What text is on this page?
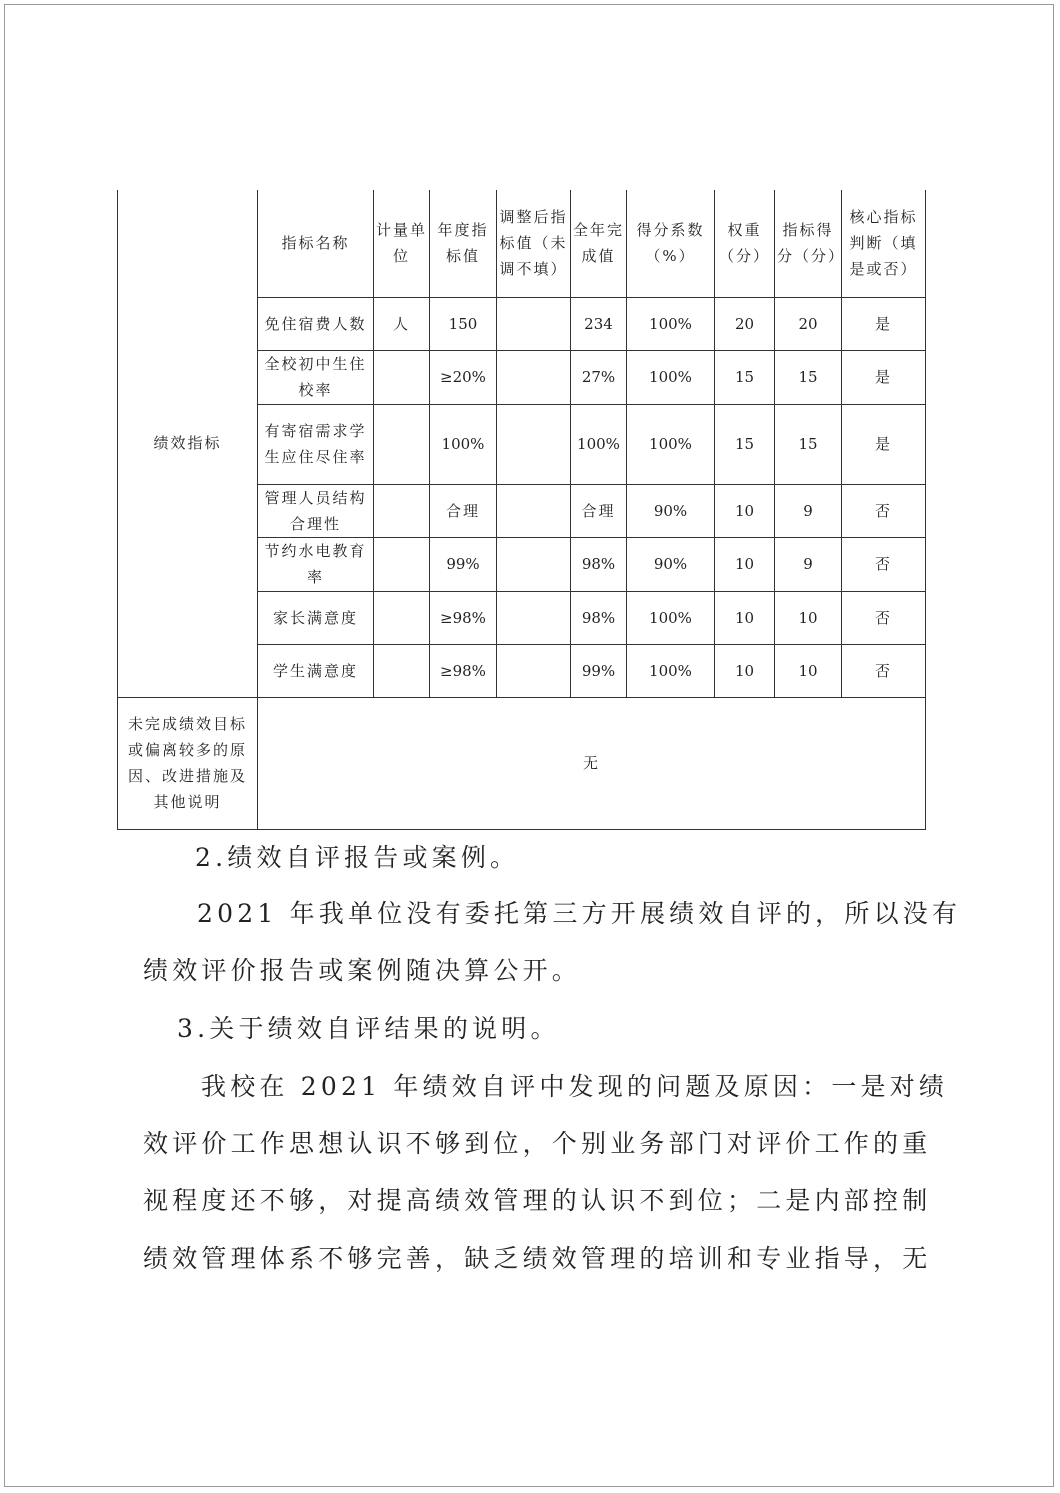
绩效指标	指标名称	计量单位	年度指标值	调整后指标值（未调不填）	全年完成值	得分系数（%）	权重（分）	指标得分（分）	核心指标判断（填是或否）
	免住宿费人数	人	150		234	100%	20	20	是
	全校初中生住校率		≥20%		27%	100%	15	15	是
	有寄宿需求学生应住尽住率		100%		100%	100%	15	15	是
	管理人员结构合理性		合理		合理	90%	10	9	否
	节约水电教育率		99%		98%	90%	10	9	否
	家长满意度		≥98%		98%	100%	10	10	否
	学生满意度		≥98%		99%	100%	10	10	否
未完成绩效目标或偏离较多的原因、改进措施及其他说明	无								
2.绩效自评报告或案例。
2021 年我单位没有委托第三方开展绩效自评的，所以没有
绩效评价报告或案例随决算公开。
3.关于绩效自评结果的说明。
我校在 2021 年绩效自评中发现的问题及原因：一是对绩
效评价工作思想认识不够到位，个别业务部门对评价工作的重
视程度还不够，对提高绩效管理的认识不到位；二是内部控制
绩效管理体系不够完善，缺乏绩效管理的培训和专业指导，无
